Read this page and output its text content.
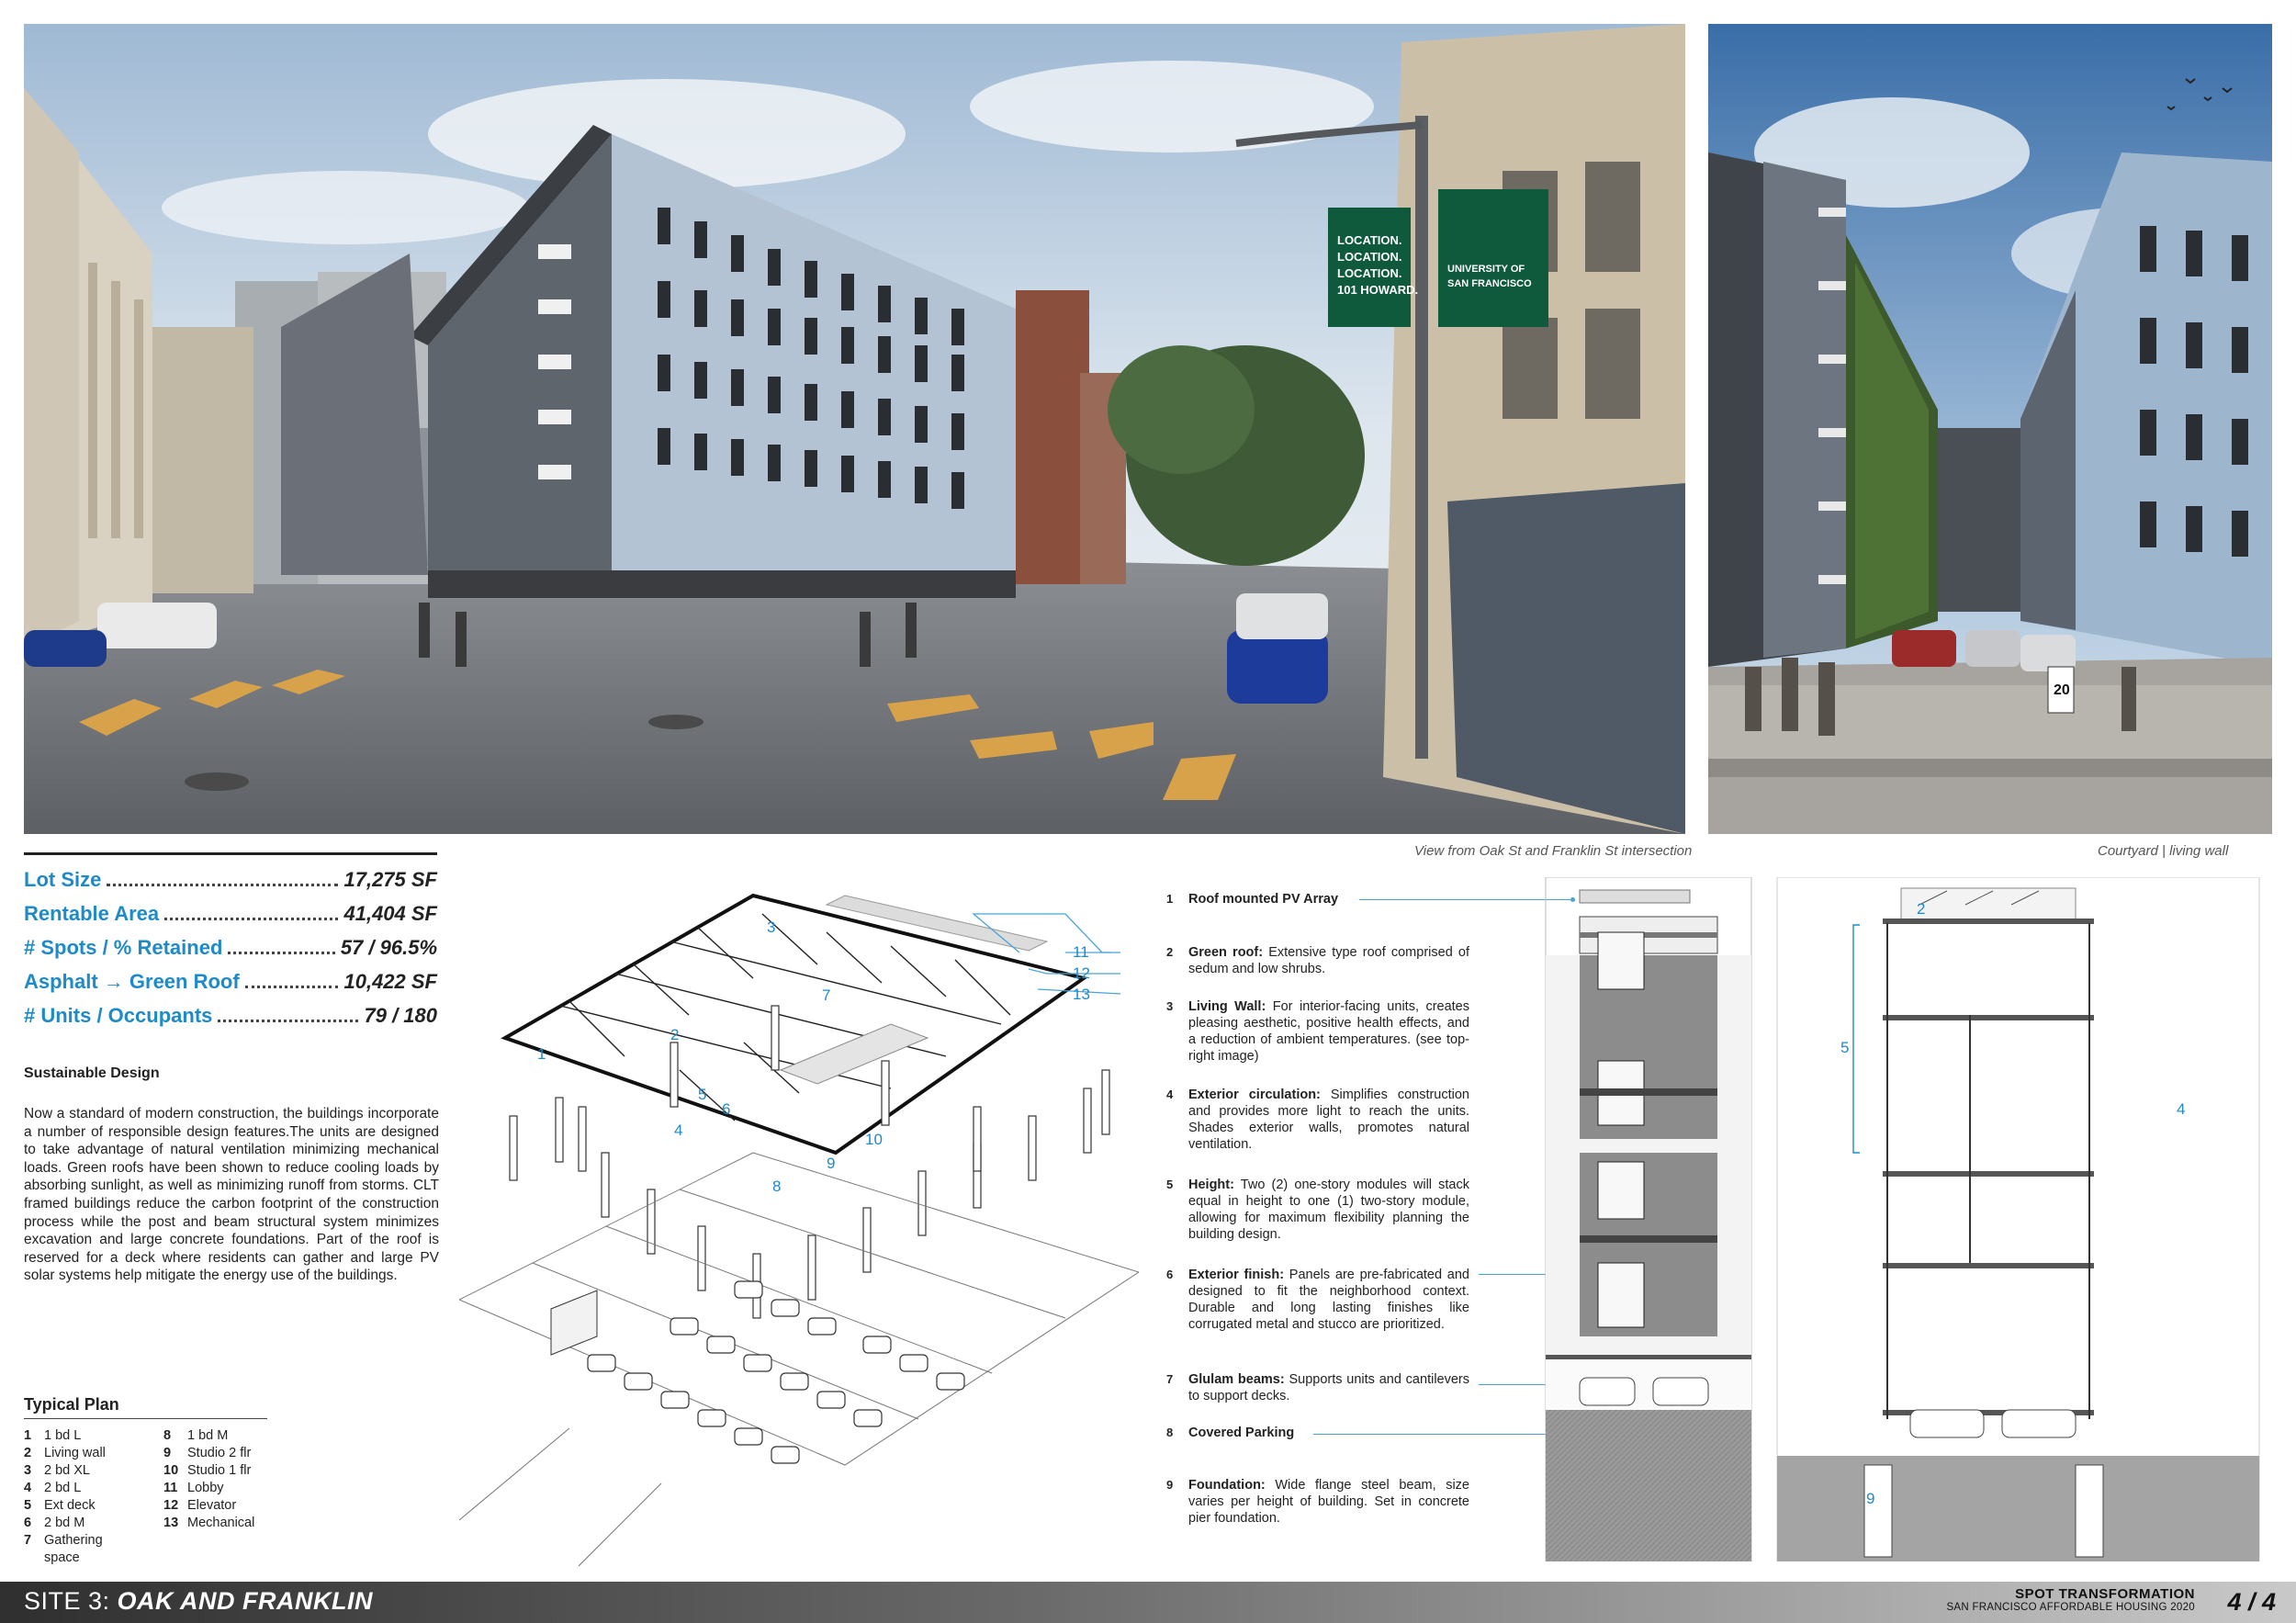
LOCATION.
LOCATION.
LOCATION.
101 HOWARD.
UNIVERSITY OF
SAN FRANCISCO
View from Oak St and Franklin St intersection
20
Courtyard | living wall
Lot Size	17,275 SF
Rentable Area	41,404 SF
# Spots / % Retained	57 / 96.5%
Asphalt → Green Roof	10,422 SF
# Units / Occupants	79 / 180
Sustainable Design
Now a standard of modern construction, the buildings incorporate a number of responsible design features.The units are designed to take advantage of natural ventilation minimizing mechanical loads. Green roofs have been shown to reduce cooling loads by absorbing sunlight, as well as minimizing runoff from storms. CLT framed buildings reduce the carbon footprint of the construction process while the post and beam structural system minimizes excavation and large concrete foundations. Part of the roof is reserved for a deck where residents can gather and large PV solar systems help mitigate the energy use of the buildings.
Typical Plan
1 1 bd L
2 Living wall
3 2 bd XL
4 2 bd L
5 Ext deck
6 2 bd M
7 Gathering
space
8	1 bd M
9	Studio 2 flr
10 Studio 1 flr
11 Lobby
12 Elevator
13 Mechanical
3
1
2
7
5
6
4
10
9
8
11
12
13
1 Roof mounted PV Array
2 Green roof: Extensive type roof comprised of sedum and low shrubs.
3 Living Wall: For interior-facing units, creates pleasing aesthetic, positive health effects, and a reduction of ambient temperatures. (see top-right image)
4 Exterior circulation: Simplifies construction and provides more light to reach the units. Shades exterior walls, promotes natural ventilation.
5 Height: Two (2) one-story modules will stack equal in height to one (1) two-story module, allowing for maximum flexibility planning the building design.
6 Exterior finish: Panels are pre-fabricated and designed to fit the neighborhood context. Durable and long lasting finishes like corrugated metal and stucco are prioritized.
7 Glulam beams: Supports units and cantilevers to support decks.
8 Covered Parking
9 Foundation: Wide flange steel beam, size varies per height of building. Set in concrete pier foundation.
2
5
4
9
SITE 3: OAK AND FRANKLIN	SPOT TRANSFORMATION
SAN FRANCISCO AFFORDABLE HOUSING 2020 4 / 4
